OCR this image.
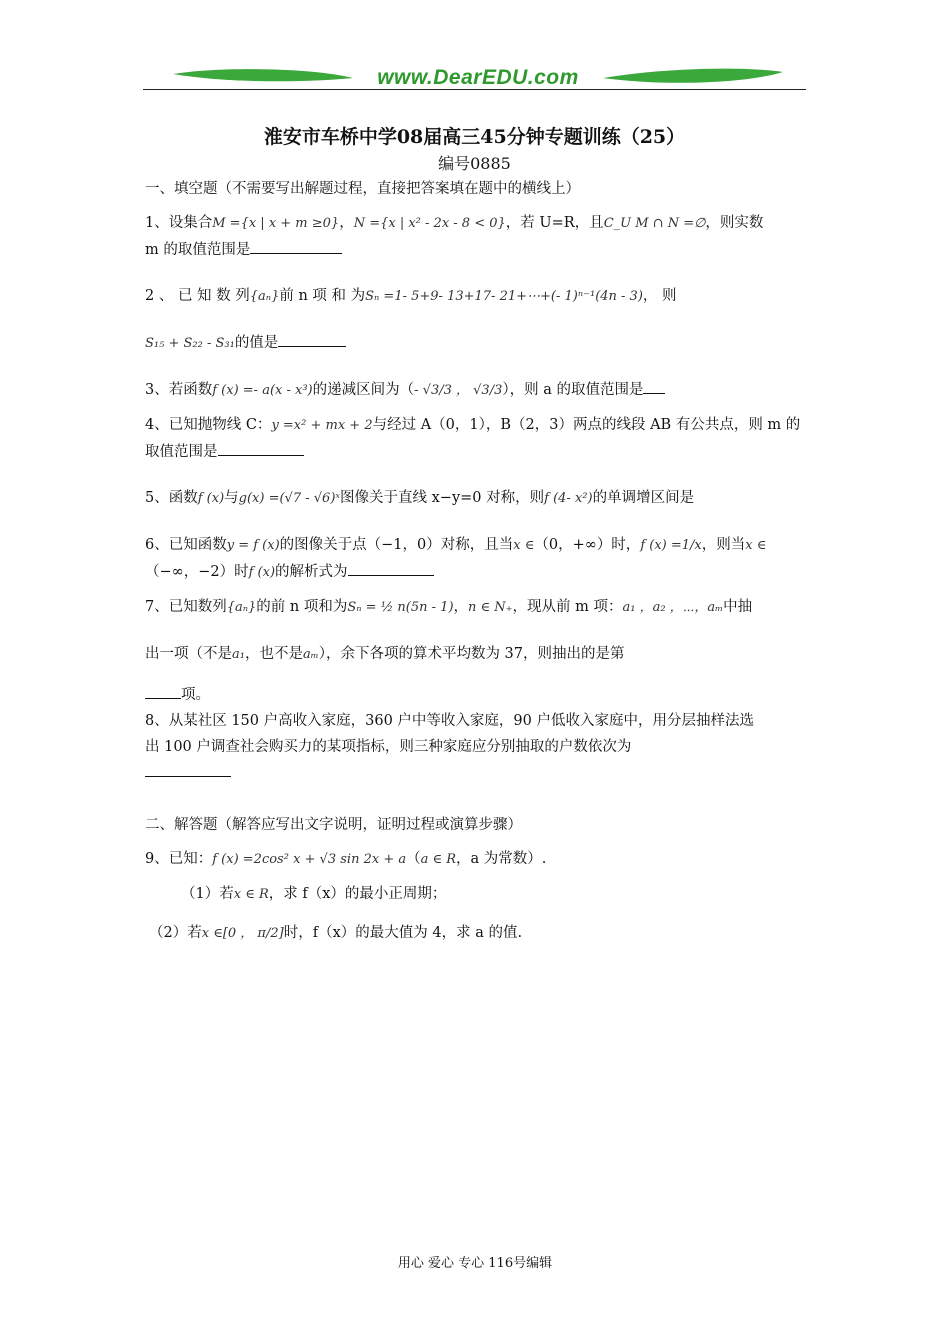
www.DearEDU.com
淮安市车桥中学08届高三45分钟专题训练（25）
编号0885

一、填空题（不需要写出解题过程，直接把答案填在题中的横线上）

1、设集合M ={x | x + m ≥0}，N ={x | x² - 2x - 8 < 0}，若 U=R，且C_U M ∩ N =∅，则实数
m 的取值范围是

2 、 已 知 数 列{aₙ}前 n 项 和 为Sₙ =1- 5+9- 13+17- 21+⋯+(- 1)ⁿ⁻¹(4n - 3)， 则

S₁₅ + S₂₂ - S₃₁的值是

3、若函数f (x) =- a(x - x³)的递减区间为（- √3/3 ， √3/3），则 a 的取值范围是

4、已知抛物线 C：y =x² + mx + 2与经过 A（0，1），B（2，3）两点的线段 AB 有公共点，则 m 的
取值范围是

5、函数f (x)与g(x) =(√7 - √6)ˣ图像关于直线 x−y=0 对称，则f (4- x²)的单调增区间是

6、已知函数y = f (x)的图像关于点（−1，0）对称，且当x ∈（0，+∞）时，f (x) =1/x，则当x ∈
（−∞，−2）时f (x)的解析式为

7、已知数列{aₙ}的前 n 项和为Sₙ = ½ n(5n - 1)，n ∈ N₊，现从前 m 项：a₁ ，a₂ ，⋯，aₘ中抽

出一项（不是a₁，也不是aₘ），余下各项的算术平均数为 37，则抽出的是第

项。

8、从某社区 150 户高收入家庭，360 户中等收入家庭，90 户低收入家庭中，用分层抽样法选
出 100 户调查社会购买力的某项指标，则三种家庭应分别抽取的户数依次为

二、解答题（解答应写出文字说明，证明过程或演算步骤）

9、已知：f (x) =2cos² x + √3 sin 2x + a（a ∈ R，a 为常数）.

（1）若x ∈ R，求 f（x）的最小正周期；

（2）若x ∈[0 ， π/2]时，f（x）的最大值为 4，求 a 的值.

用心 爱心 专心 116号编辑
